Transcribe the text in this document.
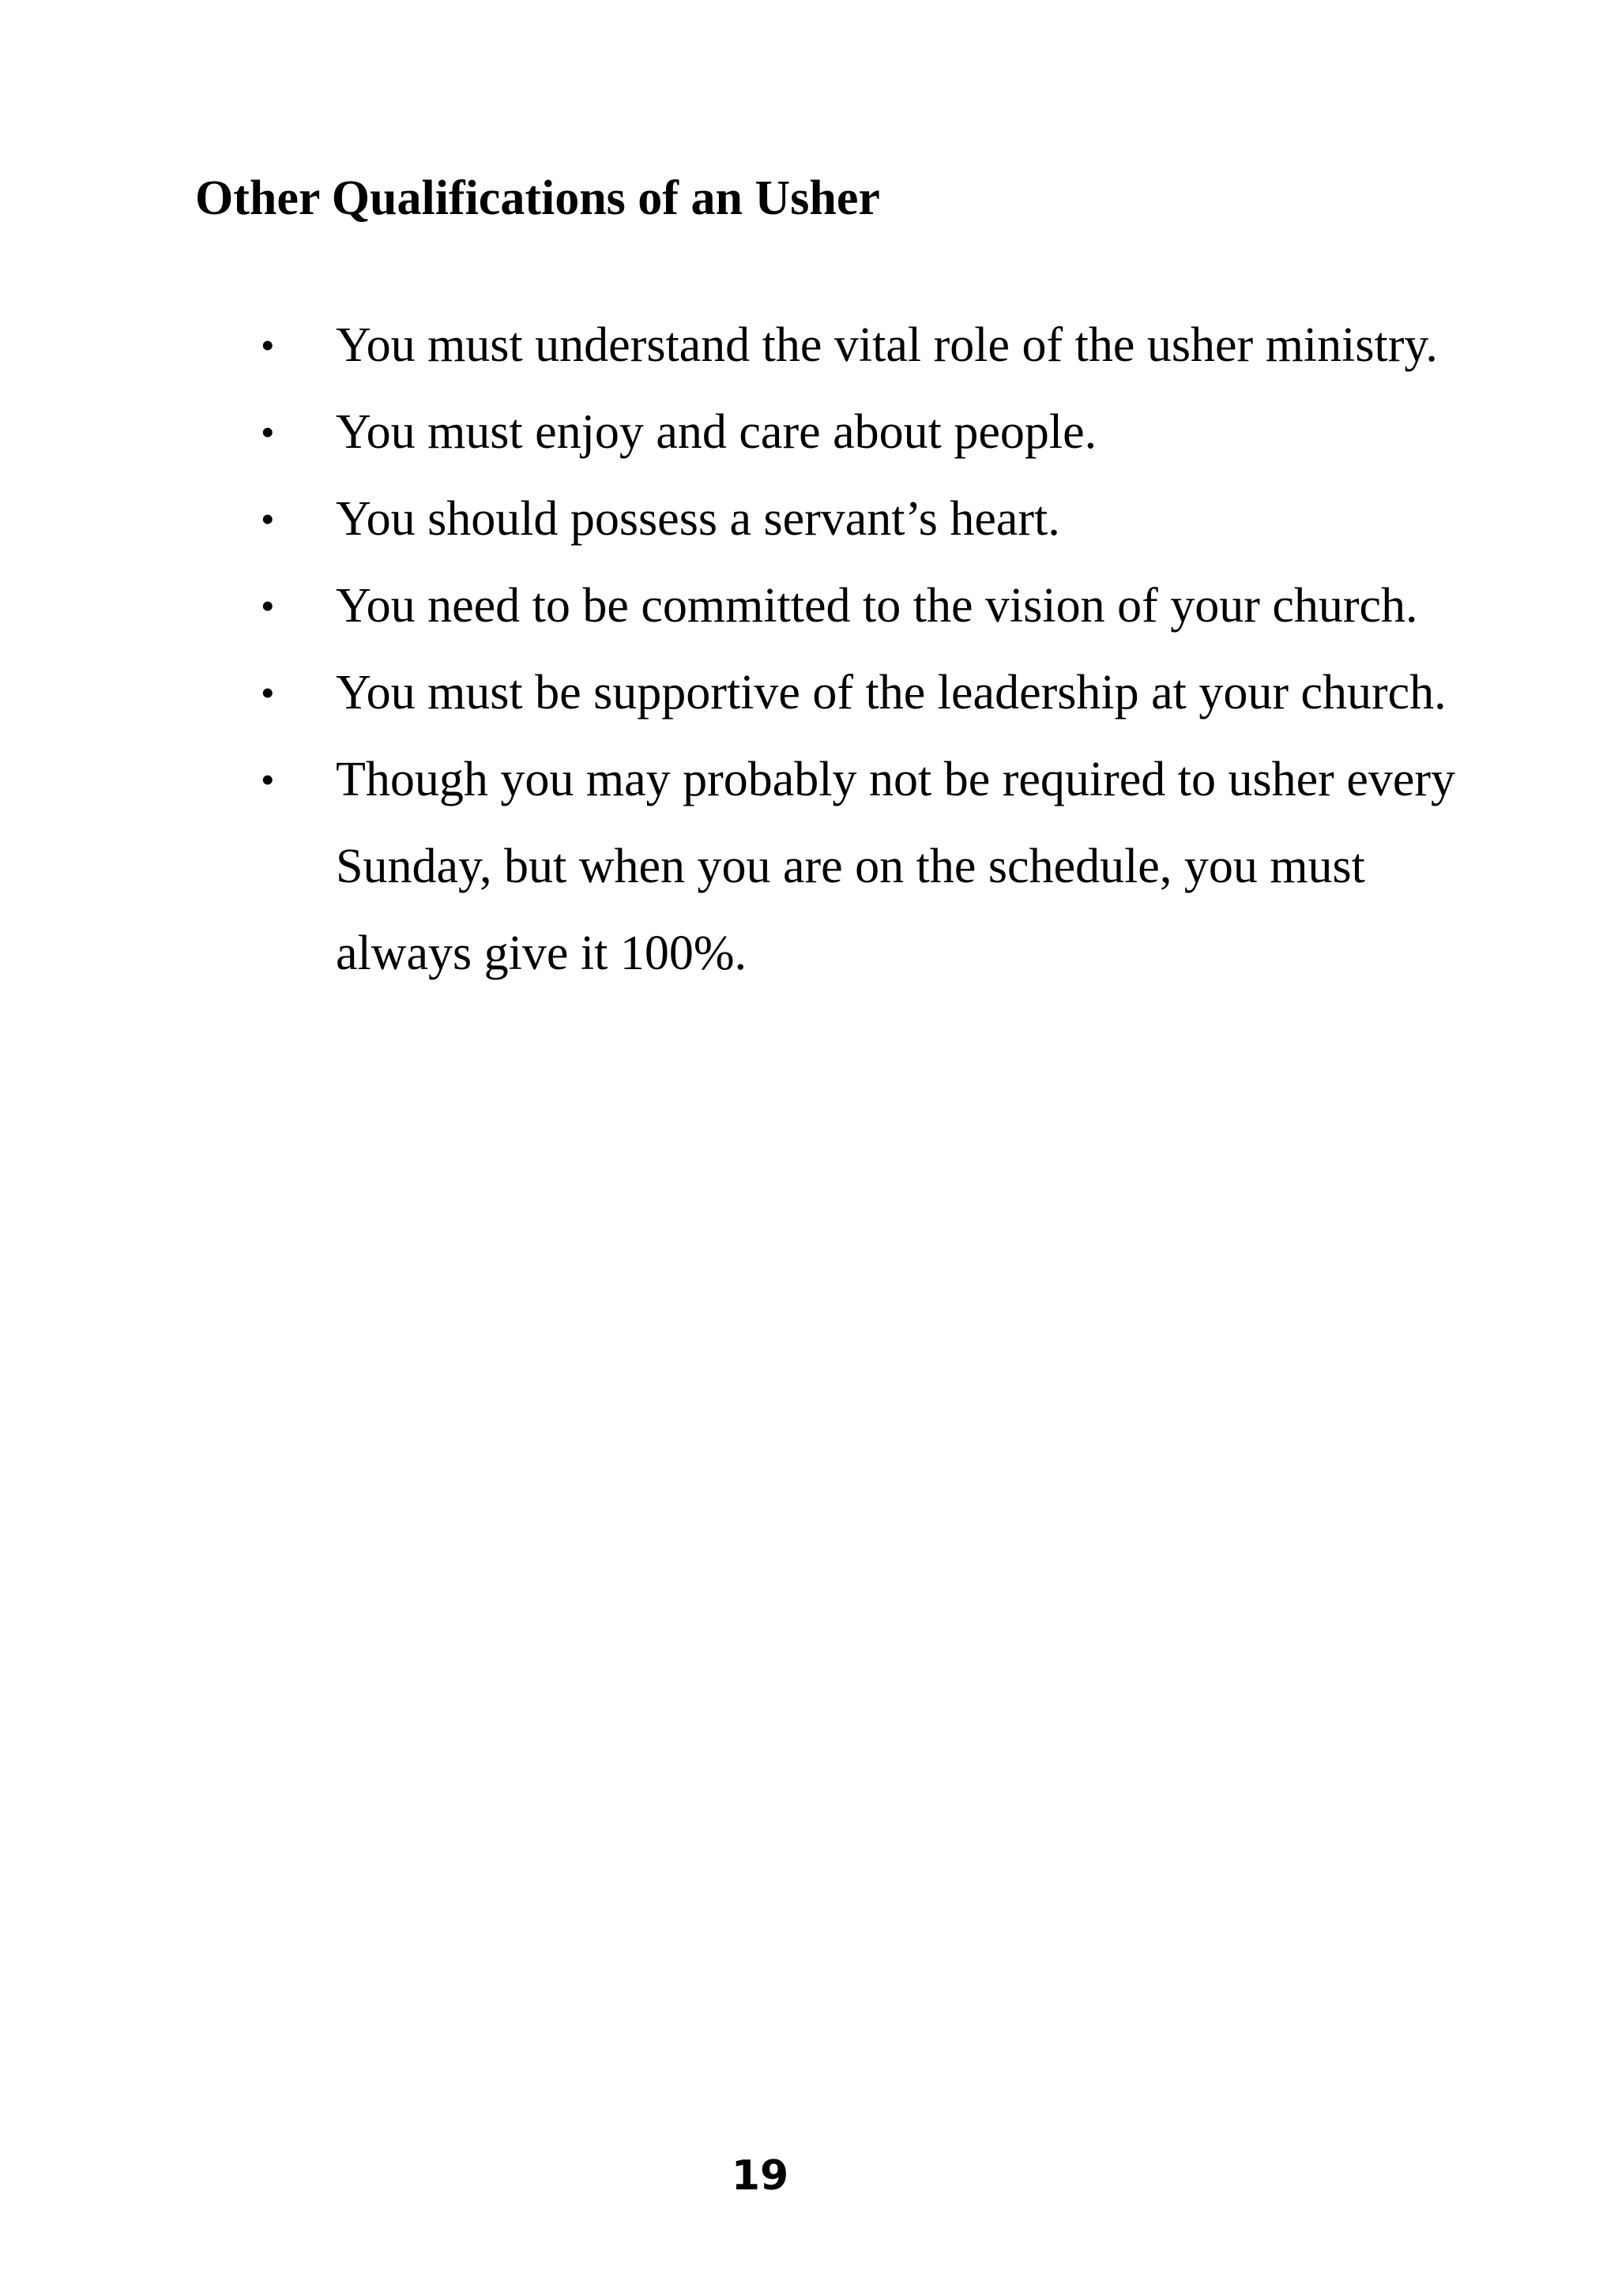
Other Qualifications of an Usher
• You must understand the vital role of the usher ministry.
• You must enjoy and care about people.
• You should possess a servant’s heart.
• You need to be committed to the vision of your church.
• You must be supportive of the leadership at your church.
• Though you may probably not be required to usher every Sunday, but when you are on the schedule, you must always give it 100%.
19
